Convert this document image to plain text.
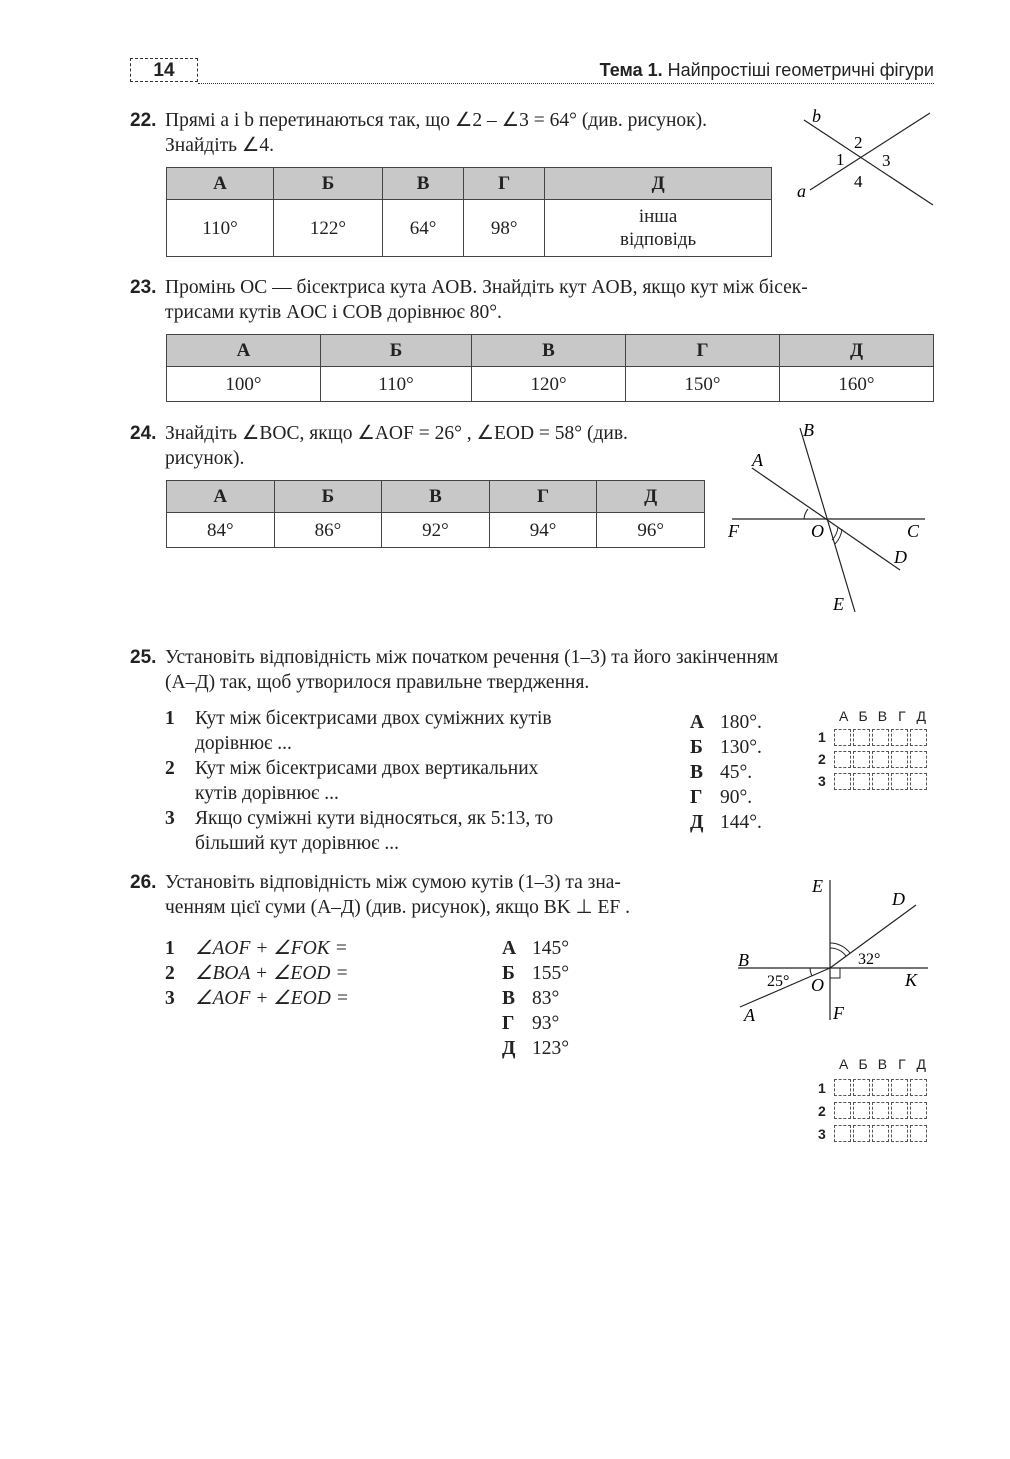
14	Тема 1. Найпростіші геометричні фігури
22. Прямі a і b перетинаються так, що ∠2 – ∠3 = 64° (див. рисунок).
Знайдіть ∠4.
А	Б	В	Г	Д
110°	122°	64°	98°	інша
відповідь
b
a
1
2
3
4
23. Промінь OC — бісектриса кута AOB. Знайдіть кут AOB, якщо кут між бісек-
трисами кутів AOC і COB дорівнює 80°.
А	Б	В	Г	Д
100°	110°	120°	150°	160°
24. Знайдіть ∠BOC, якщо ∠AOF = 26° , ∠EOD = 58° (див.
рисунок).
А	Б	В	Г	Д
84°	86°	92°	94°	96°
B
A
F	O	C
D
E
25. Установіть відповідність між початком речення (1–3) та його закінченням
(А–Д) так, щоб утворилося правильне твердження.
1 Кут між бісектрисами двох суміжних кутів
дорівнює ...
2 Кут між бісектрисами двох вертикальних
кутів дорівнює ...
3 Якщо суміжні кути відносяться, як 5:13, то
більший кут дорівнює ...
А 180°.
Б 130°.
В 45°.
Г 90°.
Д 144°.
А Б В Г Д
1
2
3
26. Установіть відповідність між сумою кутів (1–3) та зна-
ченням цієї суми (А–Д) (див. рисунок), якщо BK ⊥ EF .
1 ∠AOF + ∠FOK =
2 ∠BOA + ∠EOD =
3 ∠AOF + ∠EOD =
А 145°
Б 155°
В 83°
Г 93°
Д 123°
E
D
B
25°
32°
O	K
A	F
А Б В Г Д
1
2
3
